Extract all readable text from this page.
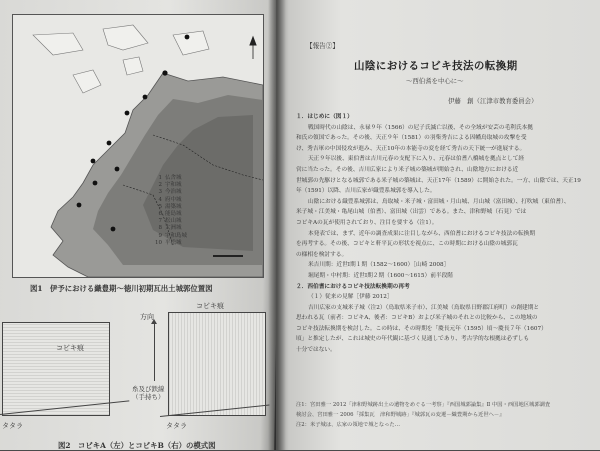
1 仏舎城
2 宇和城
3 今治城
4 府中城
5 湯築城
6 能島城
7 松山城
8 大洲城
9 宇和島城
10 平松城
図1　伊予における織豊期～徳川初期瓦出土城郭位置図
コビキ痕
コビキ痕
方向
糸及び鉄線
（手持ち）
タタラ	タタラ
図2　コビキA（左）とコビキB（右）の模式図
【報告②】
山陰におけるコビキ技法の転換期
～西伯耆を中心に～
伊藤　創（江津市教育委員会）

１．はじめに（図１）

戦国時代の山陰は、永禄９年（1566）の尼子氏滅亡以後、その全域が安芸の毛利氏本拠

和氏の領国であった。その後、天正９年（1581）の羽柴秀吉による因幡鳥取城の攻撃を受

け、秀吉軍の中国侵攻が進み、天正10年の本能寺の変を経て秀吉の天下統一が進展する。

天正９年以後、東伯耆は吉川元春の支配下に入り、元春は伯耆八橋城を拠点として経

営に当たった。その後、吉川広家により米子城の築城が開始され、山陰地方における近

世城郭の先駆けとなる城郭である米子城の築城は、天正17年（1589）に開始された。一方、山陰では、天正19

年（1591）以降、吉川広家が織豊系城郭を導入した。

山陰における織豊系城郭は、鳥取城・米子城・富田城・月山城、月山城（富田城）、打吹城（東伯耆）、

米子城・江美城・亀尾山城（伯耆）、富田城（出雲）である。また、津和野城（石見）では

コビキAの瓦が使用されており、注目を要する（注1）。

本発表では、まず、近年の調査成果に注目しながら、西伯耆におけるコビキ技法の転換期

を再考する。その後、コビキと軒平瓦の形状を視点に、この時期における山陰の城郭瓦

の様相を検討する。

米吉川期：近世Ⅰ期１期（1582～1600）［山崎 2008］

堀尾期・中村期：近世Ⅰ期２期（1600～1615）前半段階

２．西伯耆におけるコビキ技法転換期の再考

（１）従来の見解［伊藤 2012］

吉川広家の支城米子城（注2）（鳥取県米子市）、江美城（鳥取県日野郡江府町）の創建期と

思われる瓦（前者：コビキA、後者：コビキB）および米子城のそれとの比較から、この地域の

コビキ技法転換期を検討した。この時は、その時期を「慶長元年（1595）頃～慶長７年（1607）

頃」と推定したが、これは城史の年代観に基づく見通しであり、考古学的な根拠は必ずしも

十分ではない。

注1：宮田雅一 2012「津和野城跡出土の遺物をめぐる一考察」『西国城郭論集』Ⅱ 中国・西国地区城郭調査

検討会、宮田雅一 2006「採集瓦　津和野城跡」『城郭瓦の変遷－織豊期から近世へ－』

注2：米子城は、広家の領地で城となった…
